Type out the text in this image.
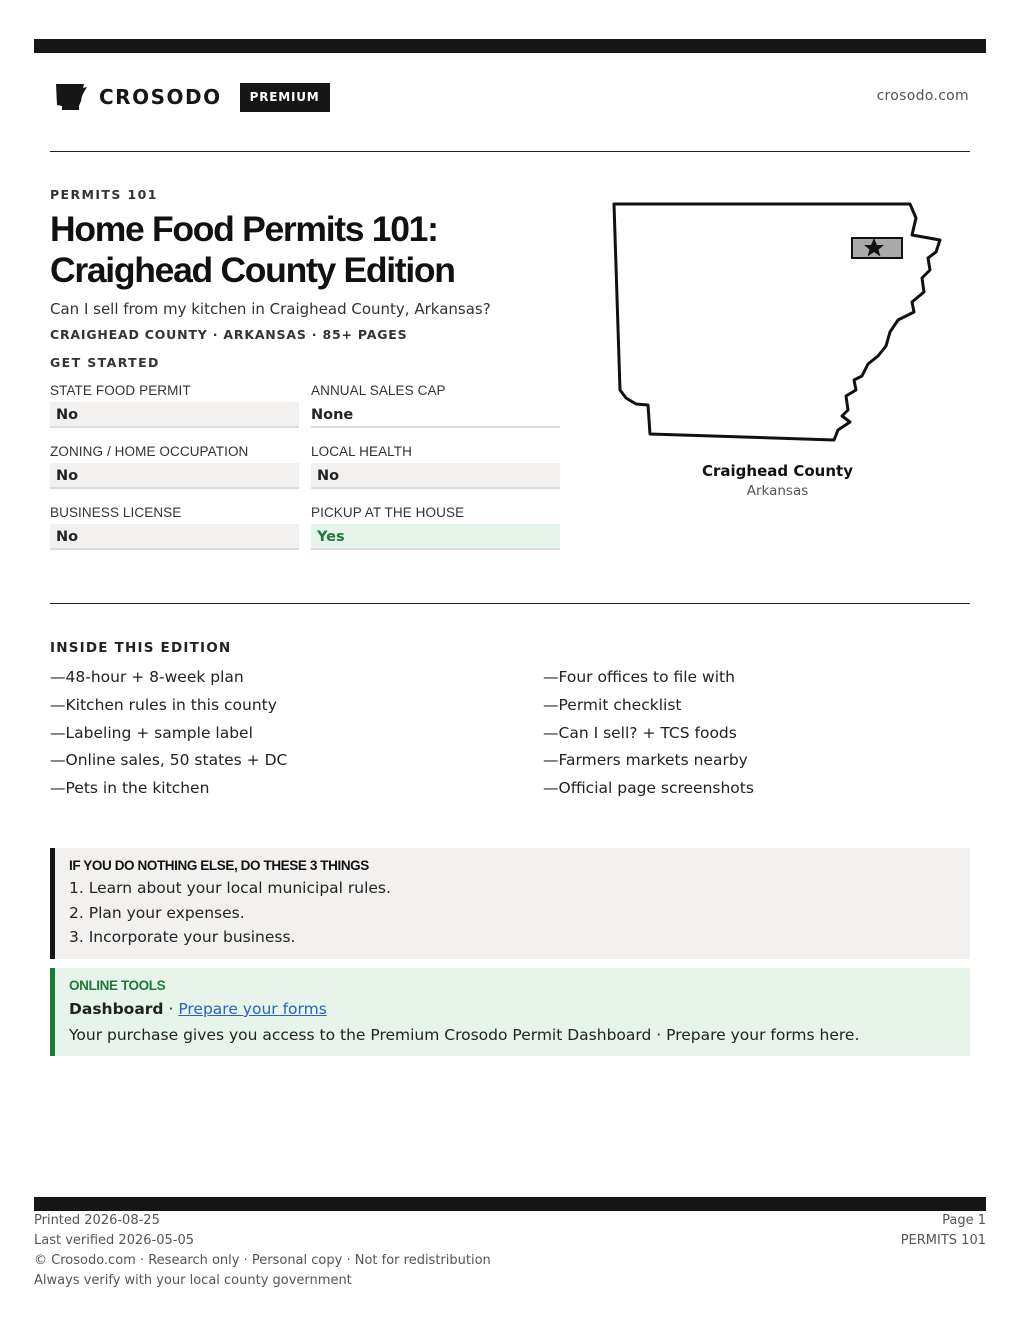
CROSODO	PREMIUM	crosodo.com
PERMITS 101
Home Food Permits 101:
Craighead County Edition
Can I sell from my kitchen in Craighead County, Arkansas?
CRAIGHEAD COUNTY · ARKANSAS · 85+ PAGES
GET STARTED
STATE FOOD PERMIT
No
ANNUAL SALES CAP
None
ZONING / HOME OCCUPATION
No
LOCAL HEALTH
No
BUSINESS LICENSE
No
PICKUP AT THE HOUSE
Yes
Craighead County
Arkansas
INSIDE THIS EDITION
—48-hour + 8-week plan
—Kitchen rules in this county
—Labeling + sample label
—Online sales, 50 states + DC
—Pets in the kitchen
—Four offices to file with
—Permit checklist
—Can I sell? + TCS foods
—Farmers markets nearby
—Official page screenshots
IF YOU DO NOTHING ELSE, DO THESE 3 THINGS
1. Learn about your local municipal rules.
2. Plan your expenses.
3. Incorporate your business.
ONLINE TOOLS
Dashboard · Prepare your forms
Your purchase gives you access to the Premium Crosodo Permit Dashboard · Prepare your forms here.
Printed 2026-08-25
Last verified 2026-05-05
© Crosodo.com · Research only · Personal copy · Not for redistribution
Always verify with your local county government
Page 1
PERMITS 101
